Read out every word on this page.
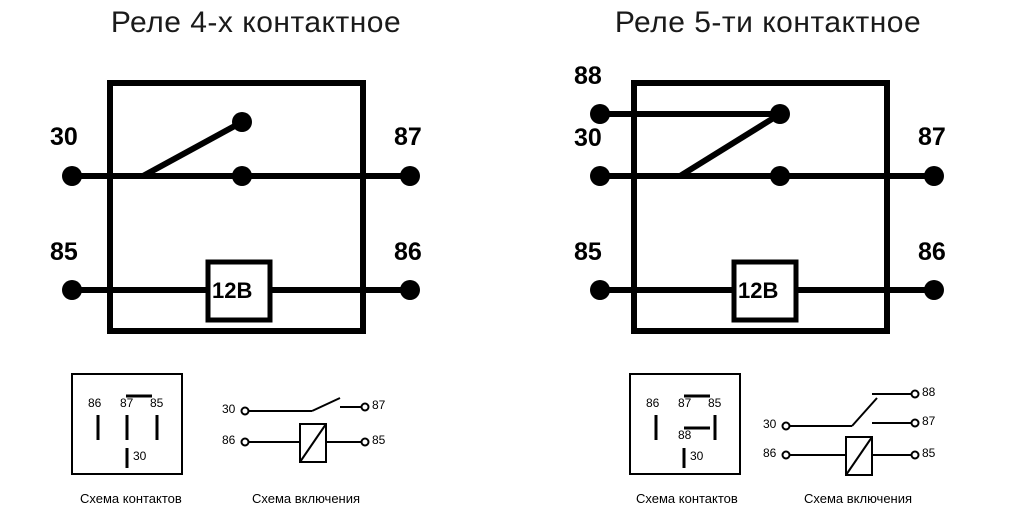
Реле 4-х контактное
30	87
85	86
12В
86 87 85
30
30	87
86	85
Схема контактов	Схема включения
Реле 5-ти контактное
88
30	87
85	86
12В
86 87 85
88
30
88
30	87
86	85
Схема контактов	Схема включения
